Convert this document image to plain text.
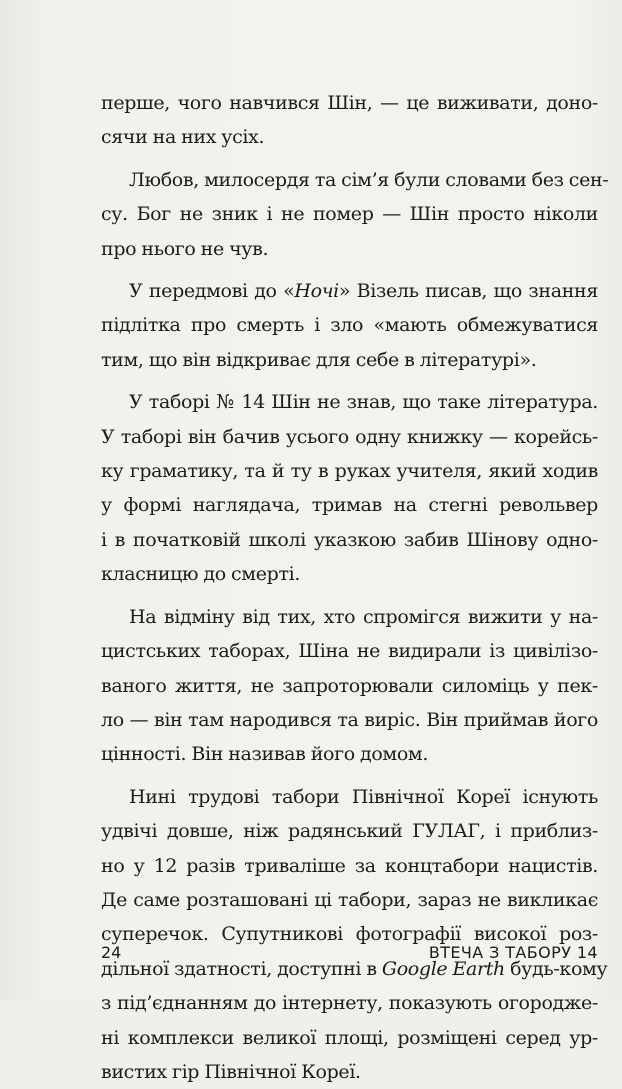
перше, чого навчився Шін, — це виживати, доно-
сячи на них усіх.

Любов, милосердя та сім’я були словами без сен-
су. Бог не зник і не помер — Шін просто ніколи
про нього не чув.

У передмові до «Ночі» Візель писав, що знання
підлітка про смерть і зло «мають обмежуватися
тим, що він відкриває для себе в літературі».

У таборі № 14 Шін не знав, що таке література.
У таборі він бачив усього одну книжку — корейсь-
ку граматику, та й ту в руках учителя, який ходив
у формі наглядача, тримав на стегні револьвер
і в початковій школі указкою забив Шінову одно-
класницю до смерті.

На відміну від тих, хто спромігся вижити у на-
цистських таборах, Шіна не видирали із цивілізо-
ваного життя, не запроторювали силоміць у пек-
ло — він там народився та виріс. Він приймав його
цінності. Він називав його домом.

Нині трудові табори Північної Кореї існують
удвічі довше, ніж радянський ГУЛАГ, і приблиз-
но у 12 разів триваліше за концтабори нацистів.
Де саме розташовані ці табори, зараз не викликає
суперечок. Супутникові фотографії високої роз-
дільної здатності, доступні в Google Earth будь-кому
з під’єднанням до інтернету, показують огороджe-
ні комплекси великої площі, розміщені серед ур-
вистих гір Північної Кореї.

24	ВТЕЧА З ТАБОРУ 14
